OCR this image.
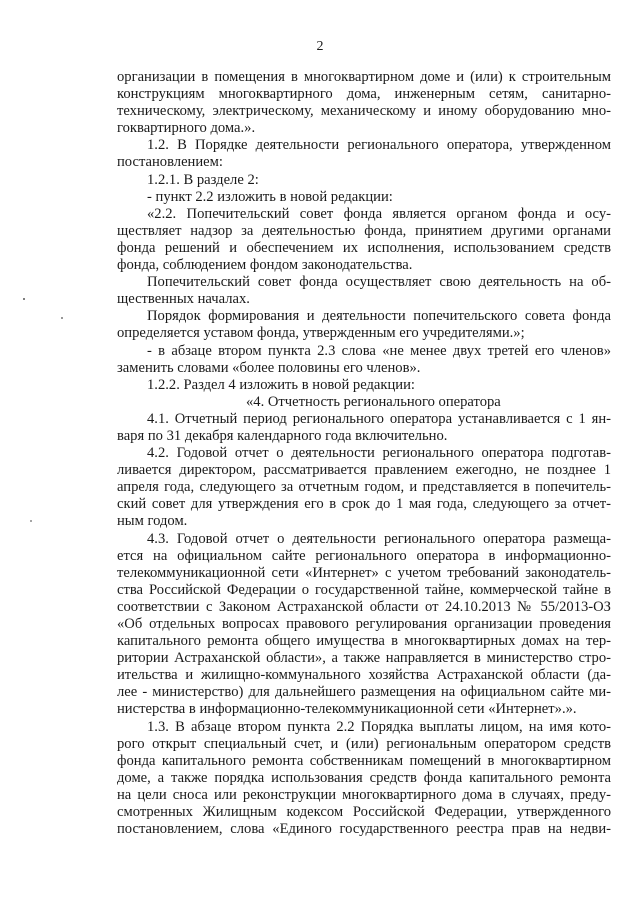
2
организации в помещения в многоквартирном доме и (или) к строительным
конструкциям многоквартирного дома, инженерным сетям, санитарно-
техническому, электрическому, механическому и иному оборудованию мно-
гоквартирного дома.».
1.2. В Порядке деятельности регионального оператора, утвержденном
постановлением:
1.2.1. В разделе 2:
- пункт 2.2 изложить в новой редакции:
«2.2. Попечительский совет фонда является органом фонда и осу-
ществляет надзор за деятельностью фонда, принятием другими органами
фонда решений и обеспечением их исполнения, использованием средств
фонда, соблюдением фондом законодательства.
Попечительский совет фонда осуществляет свою деятельность на об-
щественных началах.
Порядок формирования и деятельности попечительского совета фонда
определяется уставом фонда, утвержденным его учредителями.»;
- в абзаце втором пункта 2.3 слова «не менее двух третей его членов»
заменить словами «более половины его членов».
1.2.2. Раздел 4 изложить в новой редакции:
«4. Отчетность регионального оператора
4.1. Отчетный период регионального оператора устанавливается с 1 ян-
варя по 31 декабря календарного года включительно.
4.2. Годовой отчет о деятельности регионального оператора подготав-
ливается директором, рассматривается правлением ежегодно, не позднее 1
апреля года, следующего за отчетным годом, и представляется в попечитель-
ский совет для утверждения его в срок до 1 мая года, следующего за отчет-
ным годом.
4.3. Годовой отчет о деятельности регионального оператора размеща-
ется на официальном сайте регионального оператора в информационно-
телекоммуникационной сети «Интернет» с учетом требований законодатель-
ства Российской Федерации о государственной тайне, коммерческой тайне в
соответствии с Законом Астраханской области от 24.10.2013 № 55/2013-ОЗ
«Об отдельных вопросах правового регулирования организации проведения
капитального ремонта общего имущества в многоквартирных домах на тер-
ритории Астраханской области», а также направляется в министерство стро-
ительства и жилищно-коммунального хозяйства Астраханской области (да-
лее - министерство) для дальнейшего размещения на официальном сайте ми-
нистерства в информационно-телекоммуникационной сети «Интернет».».
1.3. В абзаце втором пункта 2.2 Порядка выплаты лицом, на имя кото-
рого открыт специальный счет, и (или) региональным оператором средств
фонда капитального ремонта собственникам помещений в многоквартирном
доме, а также порядка использования средств фонда капитального ремонта
на цели сноса или реконструкции многоквартирного дома в случаях, преду-
смотренных Жилищным кодексом Российской Федерации, утвержденного
постановлением, слова «Единого государственного реестра прав на недви-
